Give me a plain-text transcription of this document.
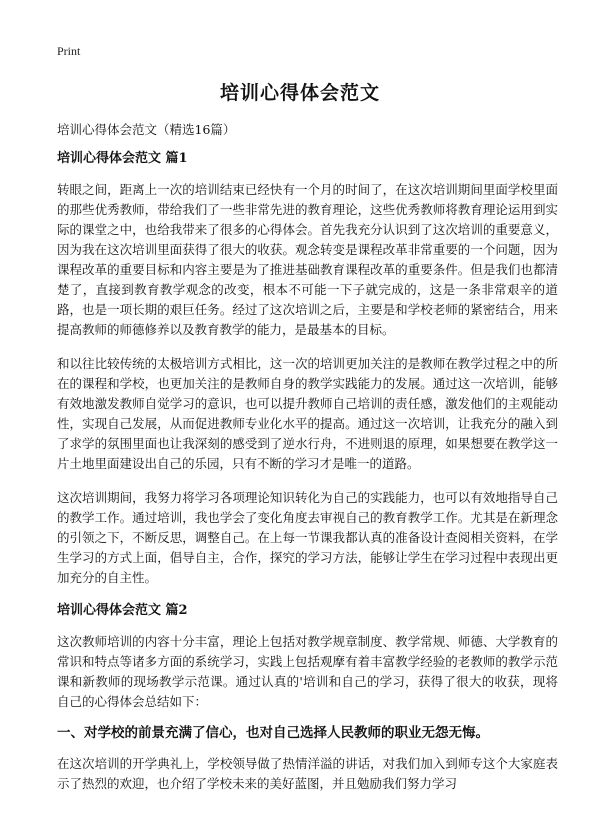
Print
培训心得体会范文
培训心得体会范文（精选16篇）
培训心得体会范文 篇1

转眼之间，距离上一次的培训结束已经快有一个月的时间了，在这次培训期间里面学校里面的那些优秀教师，带给我们了一些非常先进的教育理论，这些优秀教师将教育理论运用到实际的课堂之中，也给我带来了很多的心得体会。首先我充分认识到了这次培训的重要意义，因为我在这次培训里面获得了很大的收获。观念转变是课程改革非常重要的一个问题，因为课程改革的重要目标和内容主要是为了推进基础教育课程改革的重要条件。但是我们也都清楚了，直接到教育教学观念的改变，根本不可能一下子就完成的，这是一条非常艰辛的道路，也是一项长期的艰巨任务。经过了这次培训之后，主要是和学校老师的紧密结合，用来提高教师的师德修养以及教育教学的能力，是最基本的目标。

和以往比较传统的太极培训方式相比，这一次的培训更加关注的是教师在教学过程之中的所在的课程和学校，也更加关注的是教师自身的教学实践能力的发展。通过这一次培训，能够有效地激发教师自觉学习的意识，也可以提升教师自己培训的责任感，激发他们的主观能动性，实现自己发展，从而促进教师专业化水平的提高。通过这一次培训，让我充分的融入到了求学的氛围里面也让我深刻的感受到了逆水行舟，不进则退的原理，如果想要在教学这一片土地里面建设出自己的乐园，只有不断的学习才是唯一的道路。

这次培训期间，我努力将学习各项理论知识转化为自己的实践能力，也可以有效地指导自己的教学工作。通过培训，我也学会了变化角度去审视自己的教育教学工作。尤其是在新理念的引领之下，不断反思，调整自己。在上每一节课我都认真的准备设计查阅相关资料，在学生学习的方式上面，倡导自主，合作，探究的学习方法，能够让学生在学习过程中表现出更加充分的自主性。

培训心得体会范文 篇2

这次教师培训的内容十分丰富，理论上包括对教学规章制度、教学常规、师德、大学教育的常识和特点等诸多方面的系统学习，实践上包括观摩有着丰富教学经验的老教师的教学示范课和新教师的现场教学示范课。通过认真的'培训和自己的学习，获得了很大的收获，现将自己的心得体会总结如下：

一、对学校的前景充满了信心，也对自己选择人民教师的职业无怨无悔。

在这次培训的开学典礼上，学校领导做了热情洋溢的讲话，对我们加入到师专这个大家庭表示了热烈的欢迎，也介绍了学校未来的美好蓝图，并且勉励我们努力学习
